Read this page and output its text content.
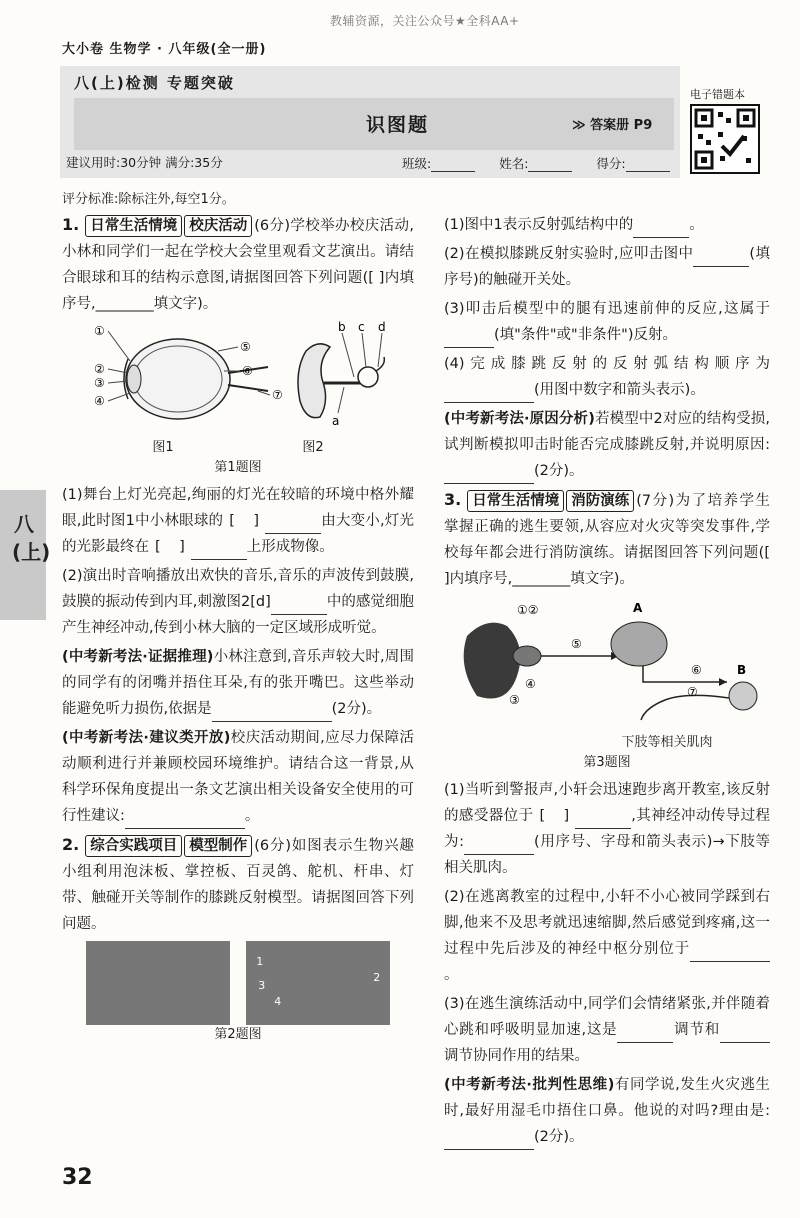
教辅资源，关注公众号★全科AA+
大小卷 生物学 · 八年级(全一册)
八(上)检测 专题突破
识图题	≫ 答案册 P9
建议用时:30分钟 满分:35分	班级:	姓名:	得分:
电子错题本
评分标准:除标注外,每空1分。
八(上)

1. 日常生活情境 校庆活动 (6分)学校举办校庆活动,小林和同学们一起在学校大会堂里观看文艺演出。请结合眼球和耳的结构示意图,请据图回答下列问题([ ]内填序号,________填文字)。

①
②
③
④
⑤
⑥
⑦
b c d
a
图1	图2
第1题图

(1)舞台上灯光亮起,绚丽的灯光在较暗的环境中格外耀眼,此时图1中小林眼球的 [    ]	由大变小,灯光的光影最终在 [    ]	上形成物像。

(2)演出时音响播放出欢快的音乐,音乐的声波传到鼓膜,鼓膜的振动传到内耳,刺激图2[d]	中的感觉细胞产生神经冲动,传到小林大脑的一定区域形成听觉。

(中考新考法·证据推理)小林注意到,音乐声较大时,周围的同学有的闭嘴并捂住耳朵,有的张开嘴巴。这些举动能避免听力损伤,依据是	(2分)。

(中考新考法·建议类开放)校庆活动期间,应尽力保障活动顺利进行并兼顾校园环境维护。请结合这一背景,从科学环保角度提出一条文艺演出相关设备安全使用的可行性建议:	。

2. 综合实践项目 模型制作 (6分)如图表示生物兴趣小组利用泡沫板、掌控板、百灵鸽、舵机、杆串、灯带、触碰开关等制作的膝跳反射模型。请据图回答下列问题。

1
2
3
4
第2题图

(1)图中1表示反射弧结构中的	。

(2)在模拟膝跳反射实验时,应叩击图中	(填序号)的触碰开关处。

(3)叩击后模型中的腿有迅速前伸的反应,这属于(填"条件"或"非条件")反射。

(4)完成膝跳反射的反射弧结构顺序为(用图中数字和箭头表示)。

(中考新考法·原因分析)若模型中2对应的结构受损,试判断模拟叩击时能否完成膝跳反射,并说明原因:(2分)。

3. 日常生活情境 消防演练 (7分)为了培养学生掌握正确的逃生要领,从容应对火灾等突发事件,学校每年都会进行消防演练。请据图回答下列问题([ ]内填序号,________填文字)。

①②
⑤
A
⑥
④
⑦
B
③
下肢等相关肌肉
第3题图

(1)当听到警报声,小轩会迅速跑步离开教室,该反射的感受器位于 [    ]	,其神经冲动传导过程为:	(用序号、字母和箭头表示)→下肢等相关肌肉。

(2)在逃离教室的过程中,小轩不小心被同学踩到右脚,他来不及思考就迅速缩脚,然后感觉到疼痛,这一过程中先后涉及的神经中枢分别位于。

(3)在逃生演练活动中,同学们会情绪紧张,并伴随着心跳和呼吸明显加速,这是	调节和调节协同作用的结果。

(中考新考法·批判性思维)有同学说,发生火灾逃生时,最好用湿毛巾捂住口鼻。他说的对吗?理由是:(2分)。

32
